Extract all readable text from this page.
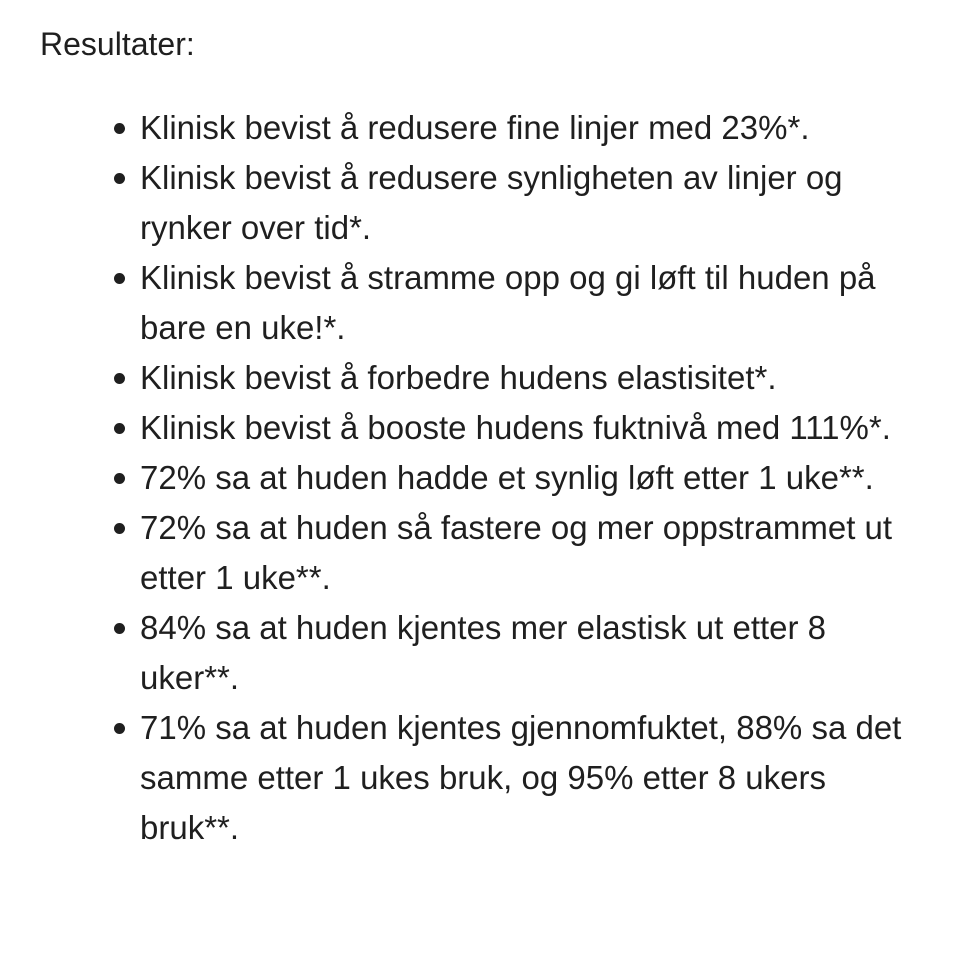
Resultater:

Klinisk bevist å redusere fine linjer med 23%*.
Klinisk bevist å redusere synligheten av linjer og rynker over tid*.
Klinisk bevist å stramme opp og gi løft til huden på bare en uke!*.
Klinisk bevist å forbedre hudens elastisitet*.
Klinisk bevist å booste hudens fuktnivå med 111%*.
72% sa at huden hadde et synlig løft etter 1 uke**.
72% sa at huden så fastere og mer oppstrammet ut etter 1 uke**.
84% sa at huden kjentes mer elastisk ut etter 8 uker**.
71% sa at huden kjentes gjennomfuktet, 88% sa det samme etter 1 ukes bruk, og 95% etter 8 ukers bruk**.
